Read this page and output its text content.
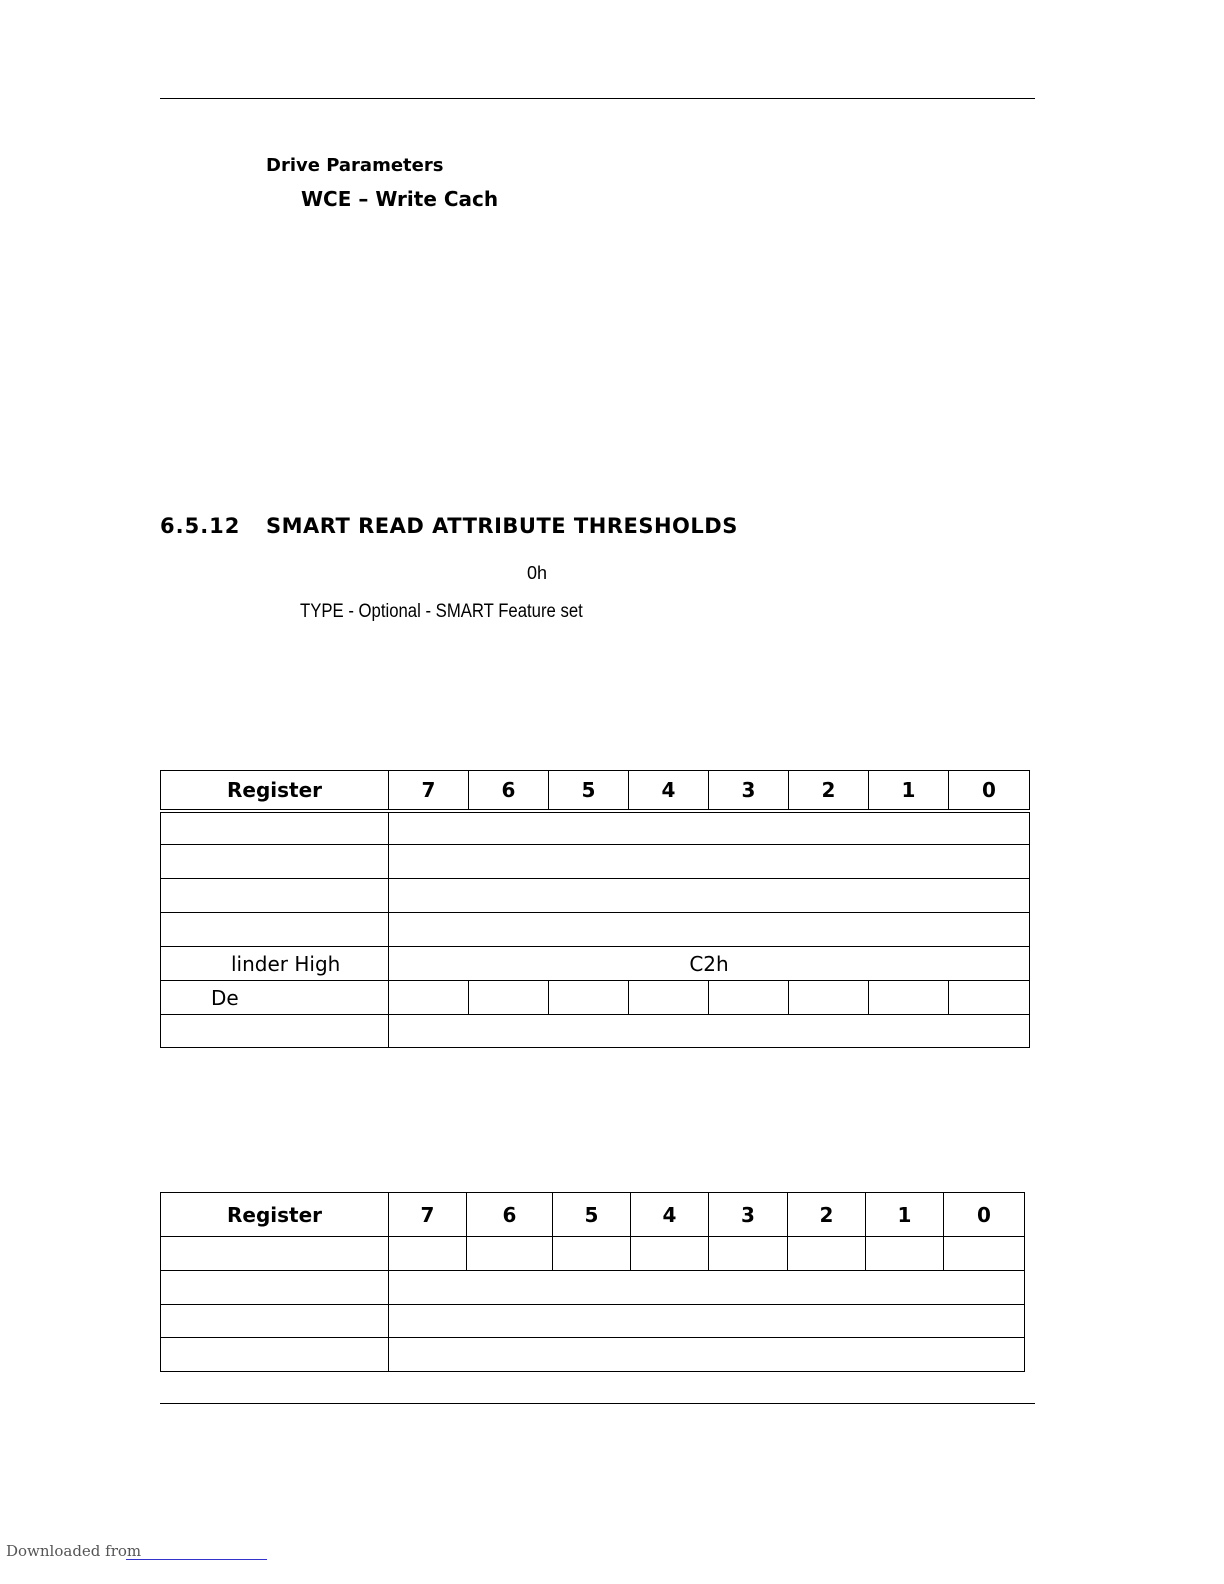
Drive Parameters
WCE – Write Cach
6.5.12 SMART READ ATTRIBUTE THRESHOLDS
0h
TYPE - Optional - SMART Feature set
Register	7	6	5	4	3	2	1	0

linder High	C2h							
De								

Register	7	6	5	4	3	2	1	0

Downloaded from
